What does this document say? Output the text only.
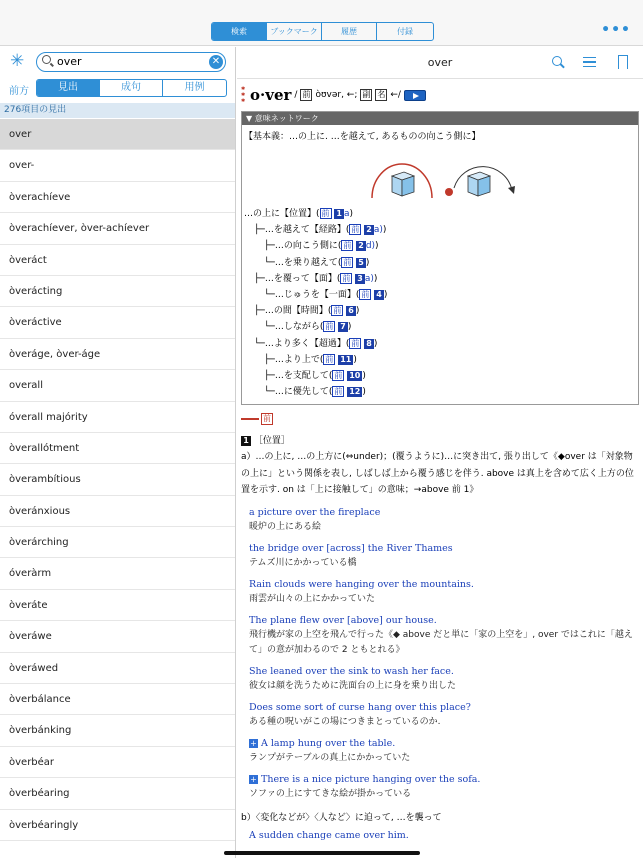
検索	ブックマーク	履歴	付録	•••
✳	over	✕
前方	見出	成句	用例
276項目の見出
over
over-
òverachíeve
òverachíever, òver-achíever
òveráct
òverácting
òveráctive
òveráge, òver-áge
overall
óverall majórity
òverallótment
òverambítious
òveránxious
òverárching
óveràrm
òveráte
òveráwe
òveráwed
òverbálance
òverbánking
òverbéar
òverbéaring
òverbéaringly
over
✱
✱
✱ o·ver / 前 òʊvər, ←; 副 名 ←/
▼ 意味ネットワーク
【基本義：…の上に. …を越えて, あるものの向こう側に】
…の上に【位置】( 前 1 a)
├─…を越えて【経路】( 前 2 a))
├─…の向こう側に( 前 2 d))
└─…を乗り越えて( 前 5 )
├─…を覆って【面】( 前 3 a))
└─…じゅうを【一面】( 前 4 )
├─…の間【時間】( 前 6 )
└─…しながら( 前 7 )
└─…より多く【超過】( 前 8 )
├─…より上で( 前 11 )
├─…を支配して( 前 10 )
└─…に優先して( 前 12 )
前
1 ［位置］
a）…の上に, …の上方に(⇔under)；(覆うように)…に突き出て, 張り出して《◆over は「対象物の上に」という関係を表し, しばしば上から覆う感じを伴う. above は真上を含めて広く上方の位置を示す. on は「上に接触して」の意味；→above 前 1》
a picture over the fireplace
暖炉の上にある絵
the bridge over [across] the River Thames
テムズ川にかかっている橋
Rain clouds were hanging over the mountains.
雨雲が山々の上にかかっていた
The plane flew over [above] our house.
飛行機が家の上空を飛んで行った《◆ above だと単に「家の上空を」, over ではこれに「越えて」の意が加わるので 2 ともとれる》
She leaned over the sink to wash her face.
彼女は顔を洗うために洗面台の上に身を乗り出した
Does some sort of curse hang over this place?
ある種の呪いがこの場につきまとっているのか.
+ A lamp hung over the table.
ランプがテーブルの真上にかかっていた
+ There is a nice picture hanging over the sofa.
ソファの上にすてきな絵が掛かっている
b）〈変化などが〉〈人など〉に迫って, …を襲って
A sudden change came over him.
